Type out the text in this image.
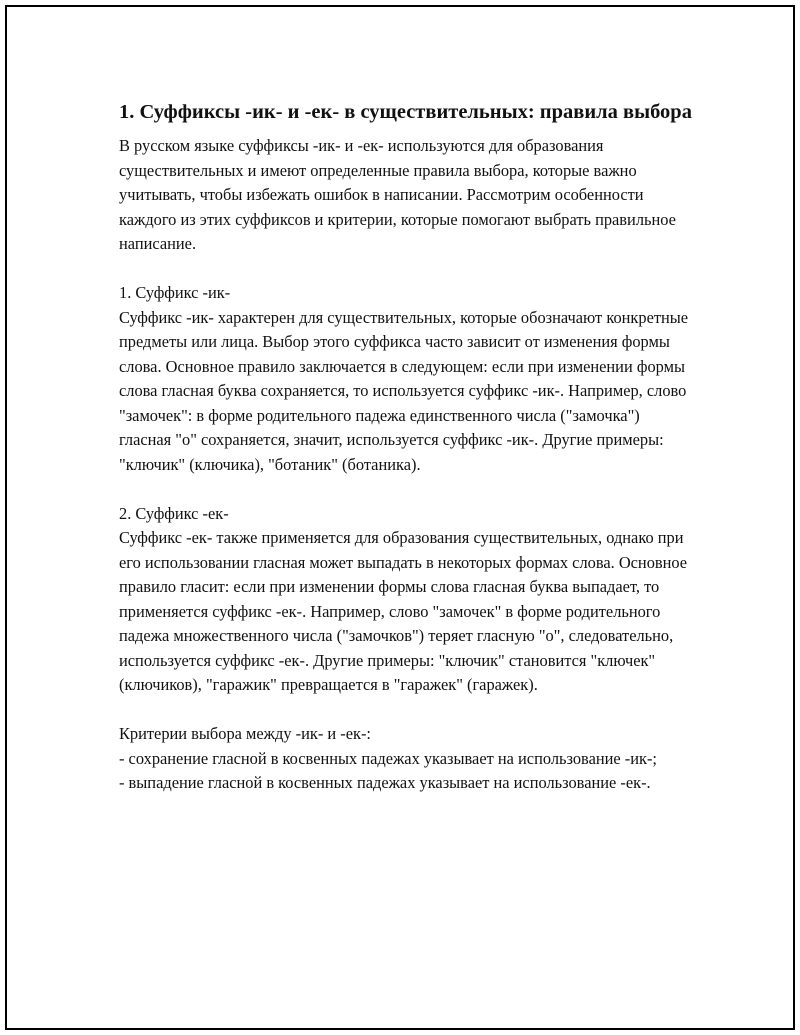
1. Суффиксы -ик- и -ек- в существительных: правила выбора

В русском языке суффиксы -ик- и -ек- используются для образования существительных и имеют определенные правила выбора, которые важно учитывать, чтобы избежать ошибок в написании. Рассмотрим особенности каждого из этих суффиксов и критерии, которые помогают выбрать правильное написание.

1. Суффикс -ик-

Суффикс -ик- характерен для существительных, которые обозначают конкретные предметы или лица. Выбор этого суффикса часто зависит от изменения формы слова. Основное правило заключается в следующем: если при изменении формы слова гласная буква сохраняется, то используется суффикс -ик-. Например, слово "замочек": в форме родительного падежа единственного числа ("замочка") гласная "о" сохраняется, значит, используется суффикс -ик-. Другие примеры: "ключик" (ключика), "ботаник" (ботаника).

2. Суффикс -ек-

Суффикс -ек- также применяется для образования существительных, однако при его использовании гласная может выпадать в некоторых формах слова. Основное правило гласит: если при изменении формы слова гласная буква выпадает, то применяется суффикс -ек-. Например, слово "замочек" в форме родительного падежа множественного числа ("замочков") теряет гласную "о", следовательно, используется суффикс -ек-. Другие примеры: "ключик" становится "ключек" (ключиков), "гаражик" превращается в "гаражек" (гаражек).

Критерии выбора между -ик- и -ек-:

- сохранение гласной в косвенных падежах указывает на использование -ик-;

- выпадение гласной в косвенных падежах указывает на использование -ек-.
